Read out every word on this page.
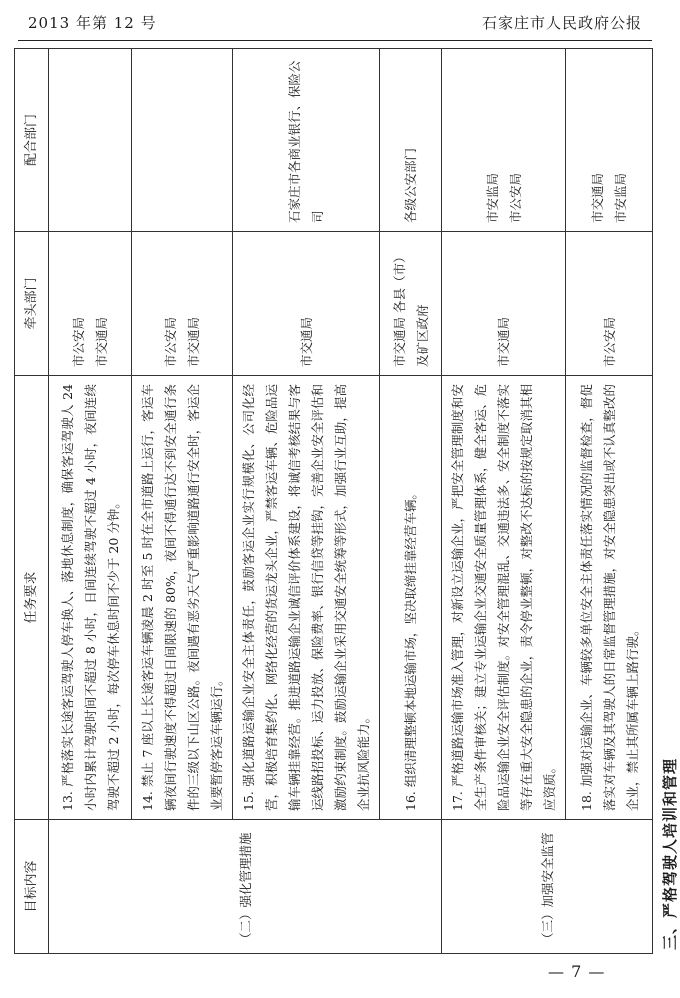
2013 年第 12 号	石家庄市人民政府公报
目标内容	任务要求	牵头部门	配合部门
（二）强化管理措施	13. 严格落实长途客运驾驶人停车换人、落地休息制度，确保客运驾驶人 24 小时内累计驾驶时间不超过 8 小时，日间连续驾驶不超过 4 小时，夜间连续驾驶不超过 2 小时，每次停车休息时间不少于 20 分钟。	市公安局 市交通局	
	14. 禁止 7 座以上长途客运车辆凌晨 2 时至 5 时在全市道路上运行，客运车辆夜间行驶速度不得超过日间限速的 80%，夜间不得通行达不到安全通行条件的三级以下山区公路。夜间遇有恶劣天气严重影响道路通行安全时，客运企业要暂停客运车辆运行。	市公安局 市交通局	
	15. 强化道路运输企业安全主体责任，鼓励客运企业实行规模化、公司化经营，积极培育集约化、网络化经营的货运龙头企业，严禁客运车辆、危险品运输车辆挂靠经营。推进道路运输企业诚信评价体系建设，将诚信考核结果与客运线路招投标、运力投放、保险费率、银行信贷等挂钩，完善企业安全评估和激励约束制度。鼓励运输企业采用交通安全统筹等形式，加强行业互助，提高企业抗风险能力。	市交通局	石家庄市各商业银行、保险公司
	16. 组织清理整顿本地运输市场，坚决取缔挂靠经营车辆。	市交通局 各县（市）及矿区政府	各级公安部门
（三）加强安全监管	17. 严格道路运输市场准入管理，对新设立运输企业，严把安全管理制度和安全生产条件审核关；建立专业运输企业交通安全质量管理体系，健全客运、危险品运输企业安全评估制度。对安全管理混乱、交通违法多、安全制度不落实等存在重大安全隐患的企业，责令停业整顿，对整改不达标的按规定取消其相应资质。	市交通局	市安监局 市公安局
	18. 加强对运输企业、车辆较多单位安全主体责任落实情况的监督检查，督促落实对车辆及其驾驶人的日常监督管理措施，对安全隐患突出或不认真整改的企业，禁止其所属车辆上路行驶。	市公安局	市交通局 市安监局
三、严格驾驶人培训和管理
— 7 —
